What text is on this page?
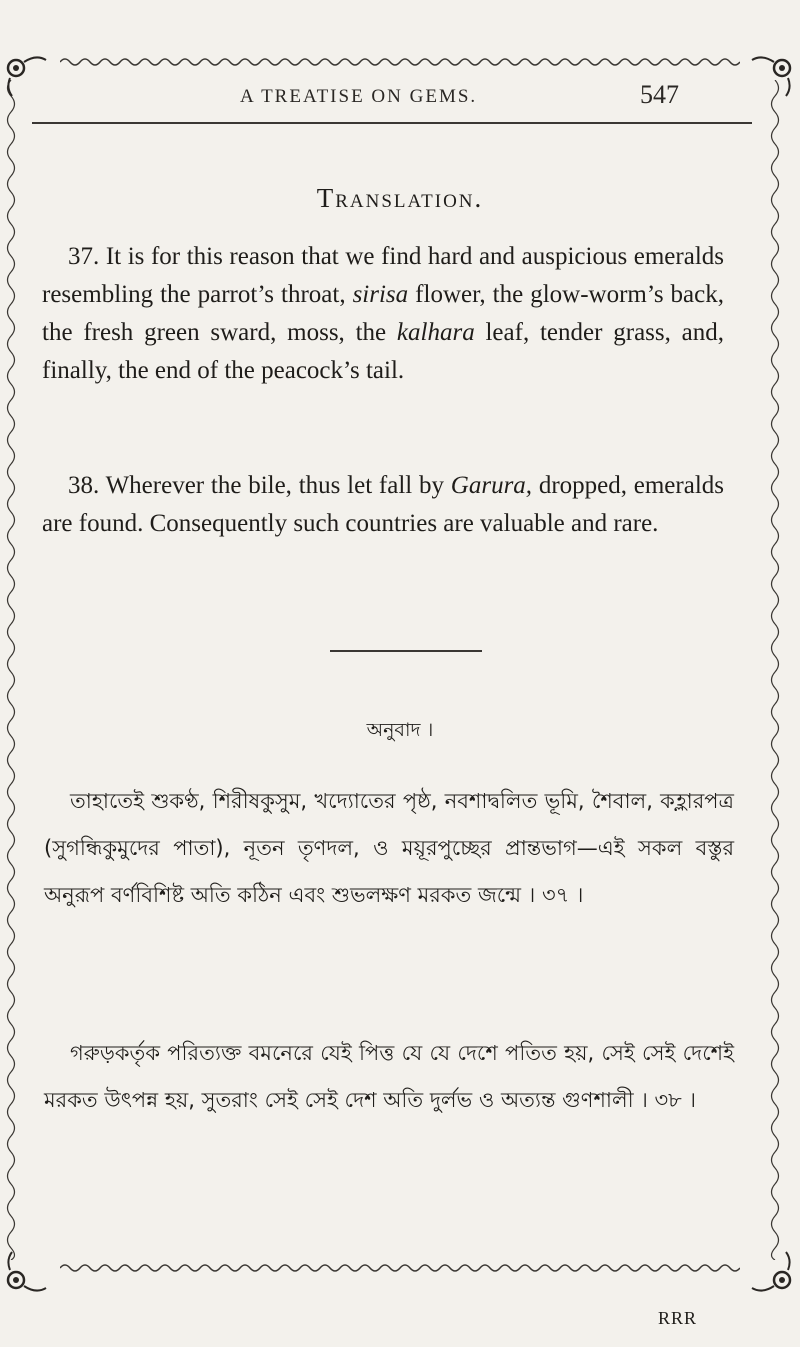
A TREATISE ON GEMS.	547
Translation.

37. It is for this reason that we find hard and auspicious emeralds resembling the parrot’s throat, sirisa flower, the glow-worm’s back, the fresh green sward, moss, the kalhara leaf, tender grass, and, finally, the end of the peacock’s tail.

38. Wherever the bile, thus let fall by Garura, dropped, emeralds are found. Consequently such countries are valuable and rare.

অনুবাদ ।

তাহাতেই শুকণ্ঠ, শিরীষকুসুম, খদ্যোতের পৃষ্ঠ, নবশাদ্বলিত ভূমি, শৈবাল, কহ্লারপত্র (সুগন্ধিকুমুদের পাতা), নূতন তৃণদল, ও ময়ূরপুচ্ছের প্রান্তভাগ—এই সকল বস্তুর অনুরূপ বর্ণবিশিষ্ট অতি কঠিন এবং শুভলক্ষণ মরকত জন্মে । ৩৭ ।

গরুড়কর্তৃক পরিত্যক্ত বমনেরে যেই পিত্ত যে যে দেশে পতিত হয়, সেই সেই দেশেই মরকত উৎপন্ন হয়, সুতরাং সেই সেই দেশ অতি দুর্লভ ও অত্যন্ত গুণশালী । ৩৮ ।

RRR
